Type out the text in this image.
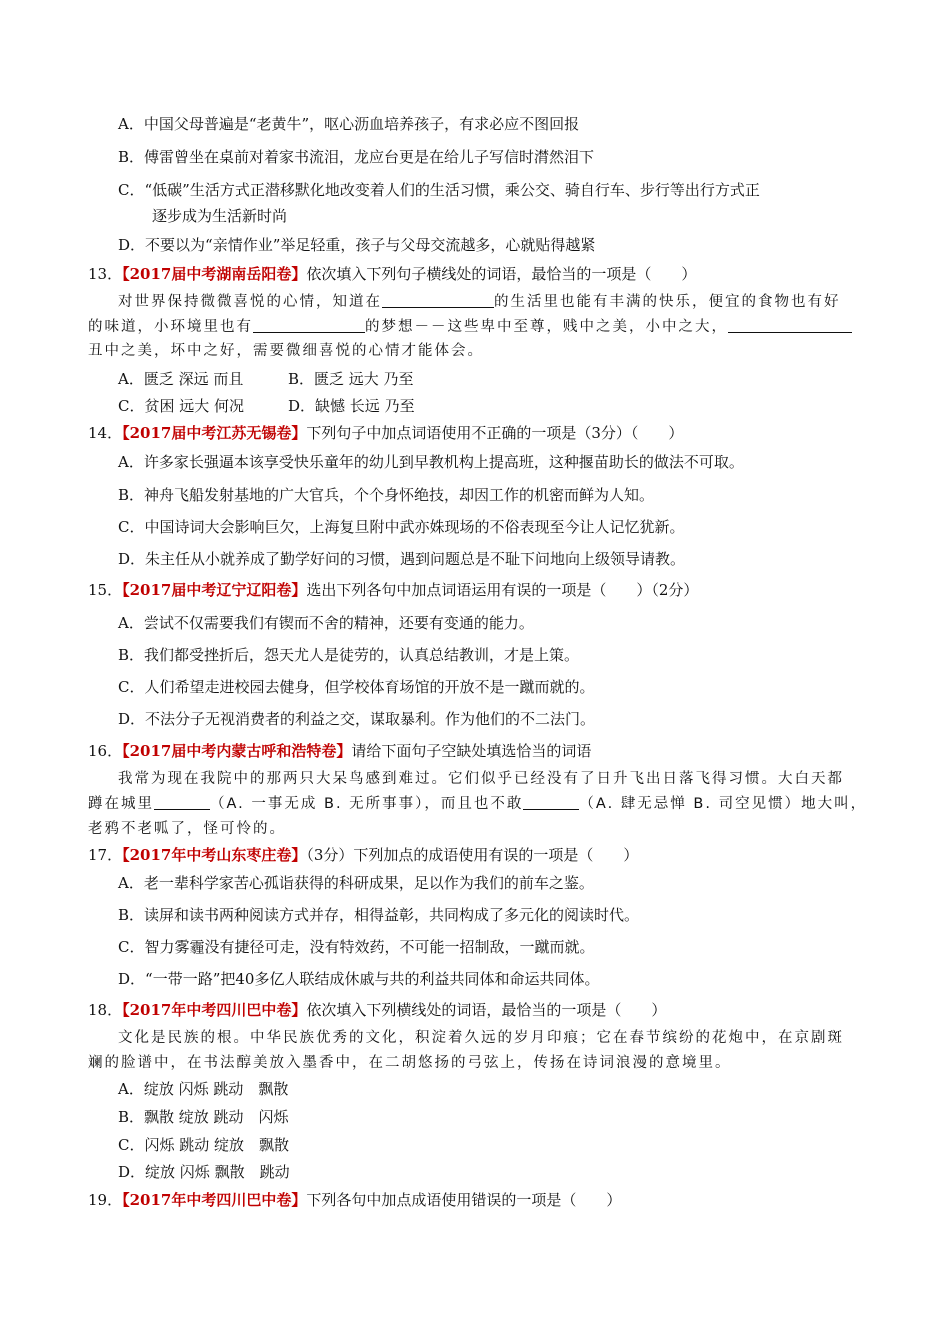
A．中国父母普遍是“老黄牛”，呕心沥血培养孩子，有求必应不图回报
B．傅雷曾坐在桌前对着家书流泪，龙应台更是在给儿子写信时潸然泪下
C．“低碳”生活方式正潜移默化地改变着人们的生活习惯，乘公交、骑自行车、步行等出行方式正
逐步成为生活新时尚
D．不要以为“亲情作业”举足轻重，孩子与父母交流越多，心就贴得越紧
13．【2017届中考湖南岳阳卷】依次填入下列句子横线处的词语，最恰当的一项是（　　）
对世界保持微微喜悦的心情，知道在	的生活里也能有丰满的快乐，便宜的食物也有好
的味道，小环境里也有	的梦想－－这些卑中至尊，贱中之美，小中之大，
丑中之美，坏中之好，需要微细喜悦的心情才能体会。
A．匮乏 深远 而且	B．匮乏 远大 乃至
C．贫困 远大 何况	D．缺憾 长远 乃至
14．【2017届中考江苏无锡卷】下列句子中加点词语使用不正确的一项是（3分）（　　）
A．许多家长强逼本该享受快乐童年的幼儿到早教机构上提高班，这种揠苗助长的做法不可取。
B．神舟飞船发射基地的广大官兵，个个身怀绝技，却因工作的机密而鲜为人知。
C．中国诗词大会影响巨欠，上海复旦附中武亦姝现场的不俗表现至今让人记忆犹新。
D．朱主任从小就养成了勤学好问的习惯，遇到问题总是不耻下问地向上级领导请教。
15．【2017届中考辽宁辽阳卷】选出下列各句中加点词语运用有误的一项是（　　）（2分）
A．尝试不仅需要我们有锲而不舍的精神，还要有变通的能力。
B．我们都受挫折后，怨天尤人是徒劳的，认真总结教训，才是上策。
C．人们希望走进校园去健身，但学校体育场馆的开放不是一蹴而就的。
D．不法分子无视消费者的利益之交，谋取暴利。作为他们的不二法门。
16．【2017届中考内蒙古呼和浩特卷】请给下面句子空缺处填选恰当的词语
我常为现在我院中的那两只大呆鸟感到难过。它们似乎已经没有了日升飞出日落飞得习惯。大白天都
蹲在城里	（A. 一事无成 B. 无所事事），而且也不敢	（A. 肆无忌惮 B. 司空见惯）地大叫，
老鸦不老呱了，怪可怜的。
17．【2017年中考山东枣庄卷】（3分）下列加点的成语使用有误的一项是（　　）
A．老一辈科学家苦心孤诣获得的科研成果，足以作为我们的前车之鉴。
B．读屏和读书两种阅读方式并存，相得益彰，共同构成了多元化的阅读时代。
C．智力雾霾没有捷径可走，没有特效药，不可能一招制敌，一蹴而就。
D．“一带一路”把40多亿人联结成休戚与共的利益共同体和命运共同体。
18．【2017年中考四川巴中卷】依次填入下列横线处的词语，最恰当的一项是（　　）
文化是民族的根。中华民族优秀的文化，积淀着久远的岁月印痕；它在春节缤纷的花炮中，在京剧斑
斓的脸谱中，在书法醇美放入墨香中，在二胡悠扬的弓弦上，传扬在诗词浪漫的意境里。
A．绽放 闪烁 跳动　飘散
B．飘散 绽放 跳动　闪烁
C．闪烁 跳动 绽放　飘散
D．绽放 闪烁 飘散　跳动
19．【2017年中考四川巴中卷】下列各句中加点成语使用错误的一项是（　　）
